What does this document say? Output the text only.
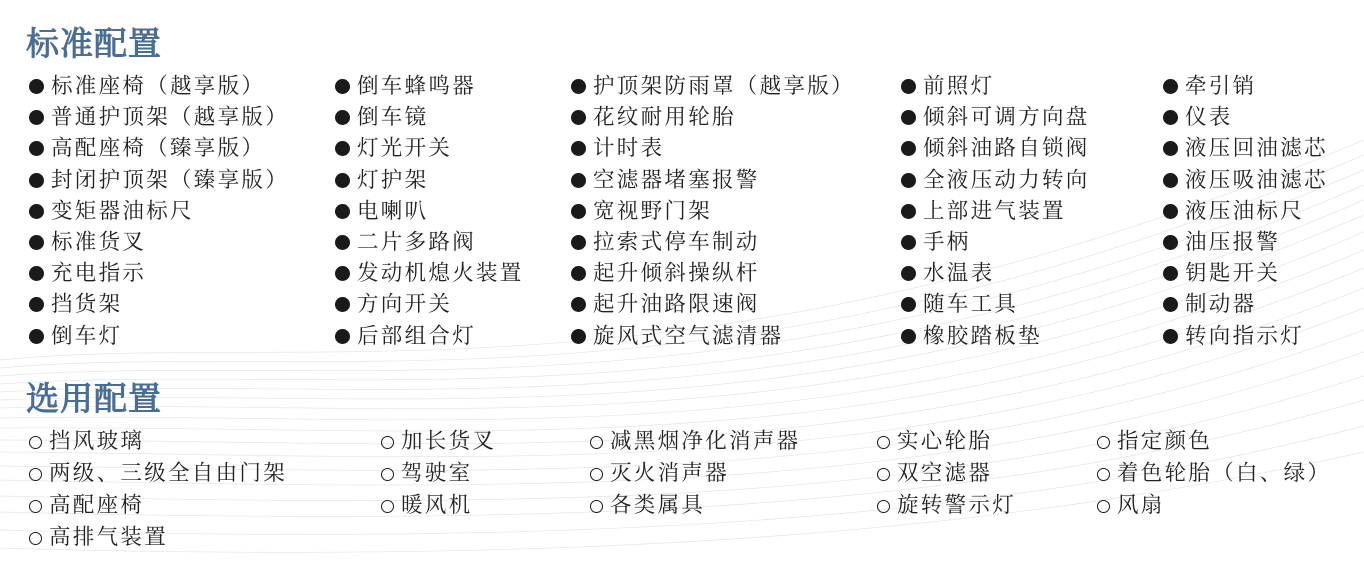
标准配置
标准座椅（越享版）
普通护顶架（越享版）
高配座椅（臻享版）
封闭护顶架（臻享版）
变矩器油标尺
标准货叉
充电指示
挡货架
倒车灯
倒车蜂鸣器
倒车镜
灯光开关
灯护架
电喇叭
二片多路阀
发动机熄火装置
方向开关
后部组合灯
护顶架防雨罩（越享版）
花纹耐用轮胎
计时表
空滤器堵塞报警
宽视野门架
拉索式停车制动
起升倾斜操纵杆
起升油路限速阀
旋风式空气滤清器
前照灯
倾斜可调方向盘
倾斜油路自锁阀
全液压动力转向
上部进气装置
手柄
水温表
随车工具
橡胶踏板垫
牵引销
仪表
液压回油滤芯
液压吸油滤芯
液压油标尺
油压报警
钥匙开关
制动器
转向指示灯
选用配置
挡风玻璃
两级、三级全自由门架
高配座椅
高排气装置
加长货叉
驾驶室
暖风机
减黑烟净化消声器
灭火消声器
各类属具
实心轮胎
双空滤器
旋转警示灯
指定颜色
着色轮胎（白、绿）
风扇
